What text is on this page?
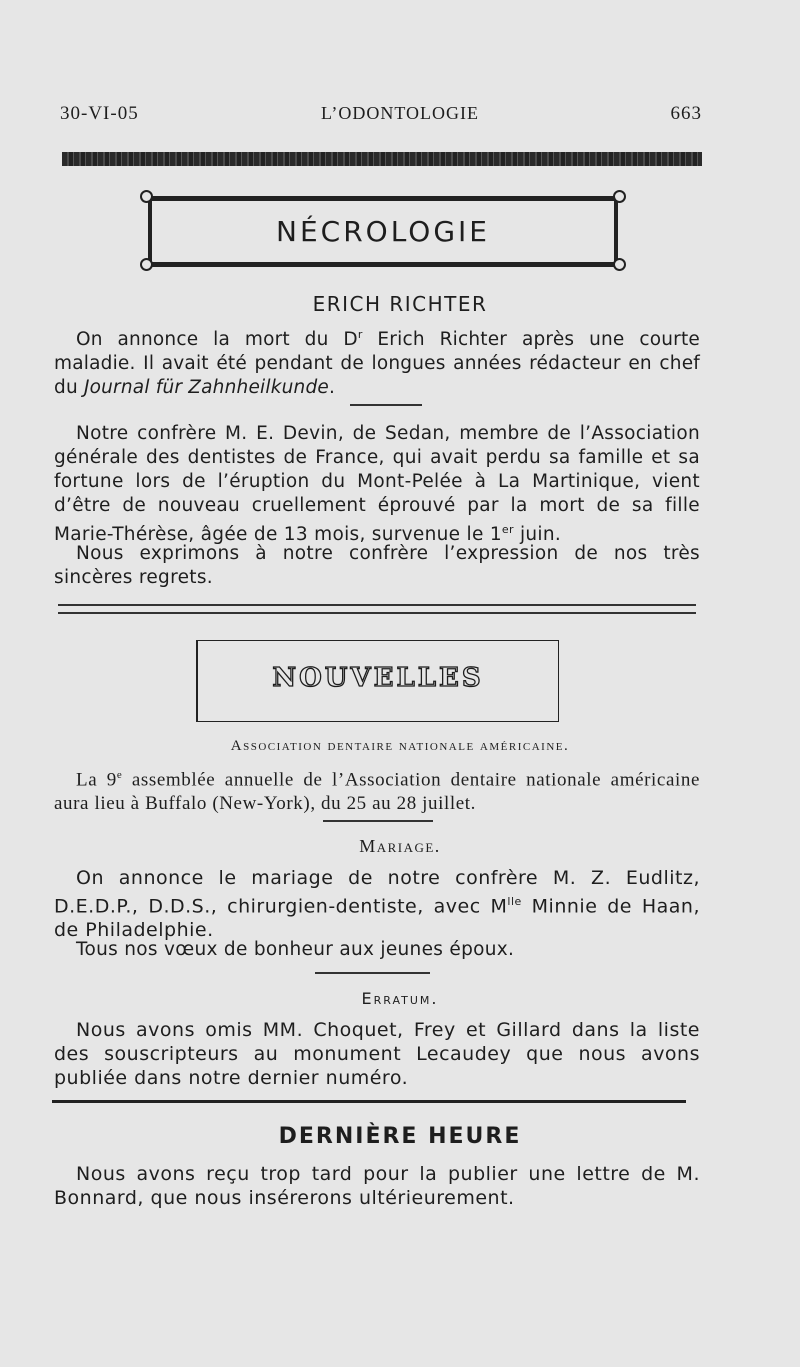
30-VI-05	L’ODONTOLOGIE	663
NÉCROLOGIE
ERICH RICHTER
On annonce la mort du $D^r$ Erich Richter après une courte maladie. Il avait été pendant de longues années rédacteur en chef du Journal für Zahnheilkunde.
Notre confrère M. E. Devin, de Sedan, membre de l’Association générale des dentistes de France, qui avait perdu sa famille et sa fortune lors de l’éruption du Mont-Pelée à La Martinique, vient d’être de nouveau cruellement éprouvé par la mort de sa fille Marie-Thérèse, âgée de 13 mois, survenue le 1er juin.
Nous exprimons à notre confrère l’expression de nos très sincères regrets.
NOUVELLES
Association dentaire nationale américaine.
La 9e assemblée annuelle de l’Association dentaire nationale américaine aura lieu à Buffalo (New-York), du 25 au 28 juillet.
Mariage.
On annonce le mariage de notre confrère M. Z. Eudlitz, D.E.D.P., D.D.S., chirurgien-dentiste, avec $M^{lle}$ Minnie de Haan, de Philadelphie.
Tous nos vœux de bonheur aux jeunes époux.
Erratum.
Nous avons omis MM. Choquet, Frey et Gillard dans la liste des souscripteurs au monument Lecaudey que nous avons publiée dans notre dernier numéro.
DERNIÈRE HEURE
Nous avons reçu trop tard pour la publier une lettre de M. Bonnard, que nous insérerons ultérieurement.
